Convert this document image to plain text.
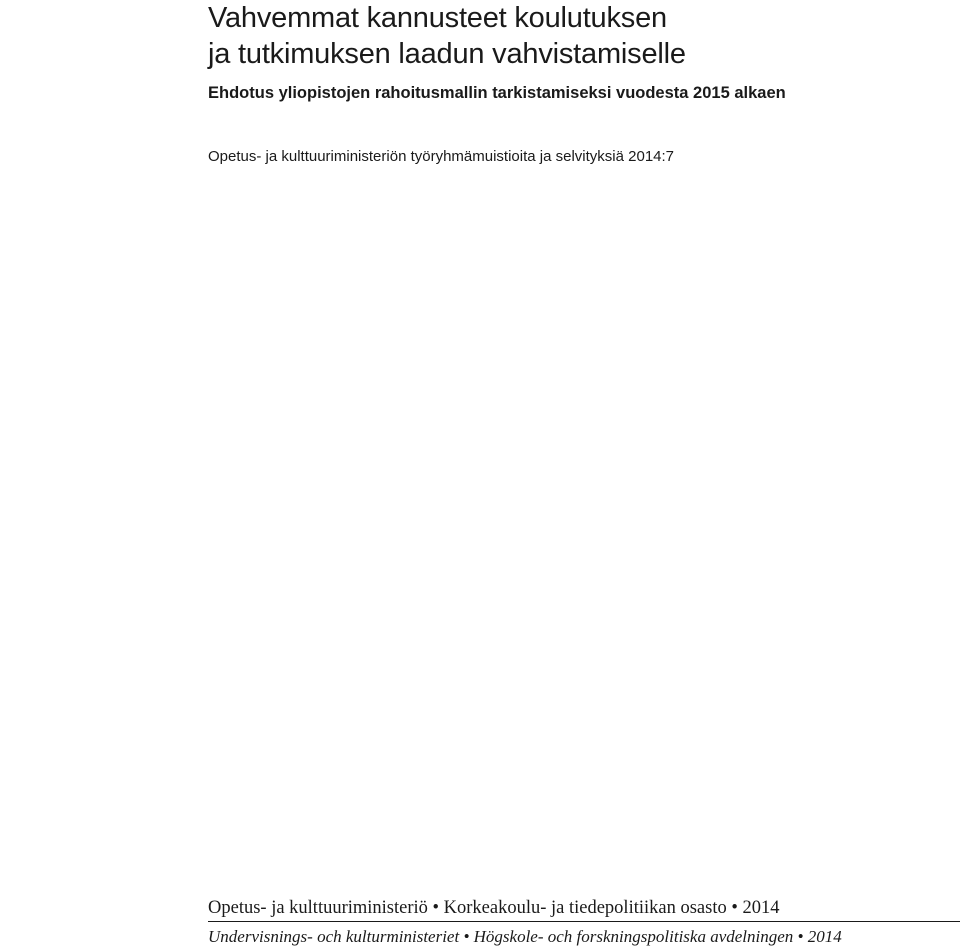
Vahvemmat kannusteet koulutuksen
ja tutkimuksen laadun vahvistamiselle

Ehdotus yliopistojen rahoitusmallin tarkistamiseksi vuodesta 2015 alkaen

Opetus- ja kulttuuriministeriön työryhmämuistioita ja selvityksiä 2014:7

Opetus- ja kulttuuriministeriö • Korkeakoulu- ja tiedepolitiikan osasto • 2014

Undervisnings- och kulturministeriet • Högskole- och forskningspolitiska avdelningen • 2014
